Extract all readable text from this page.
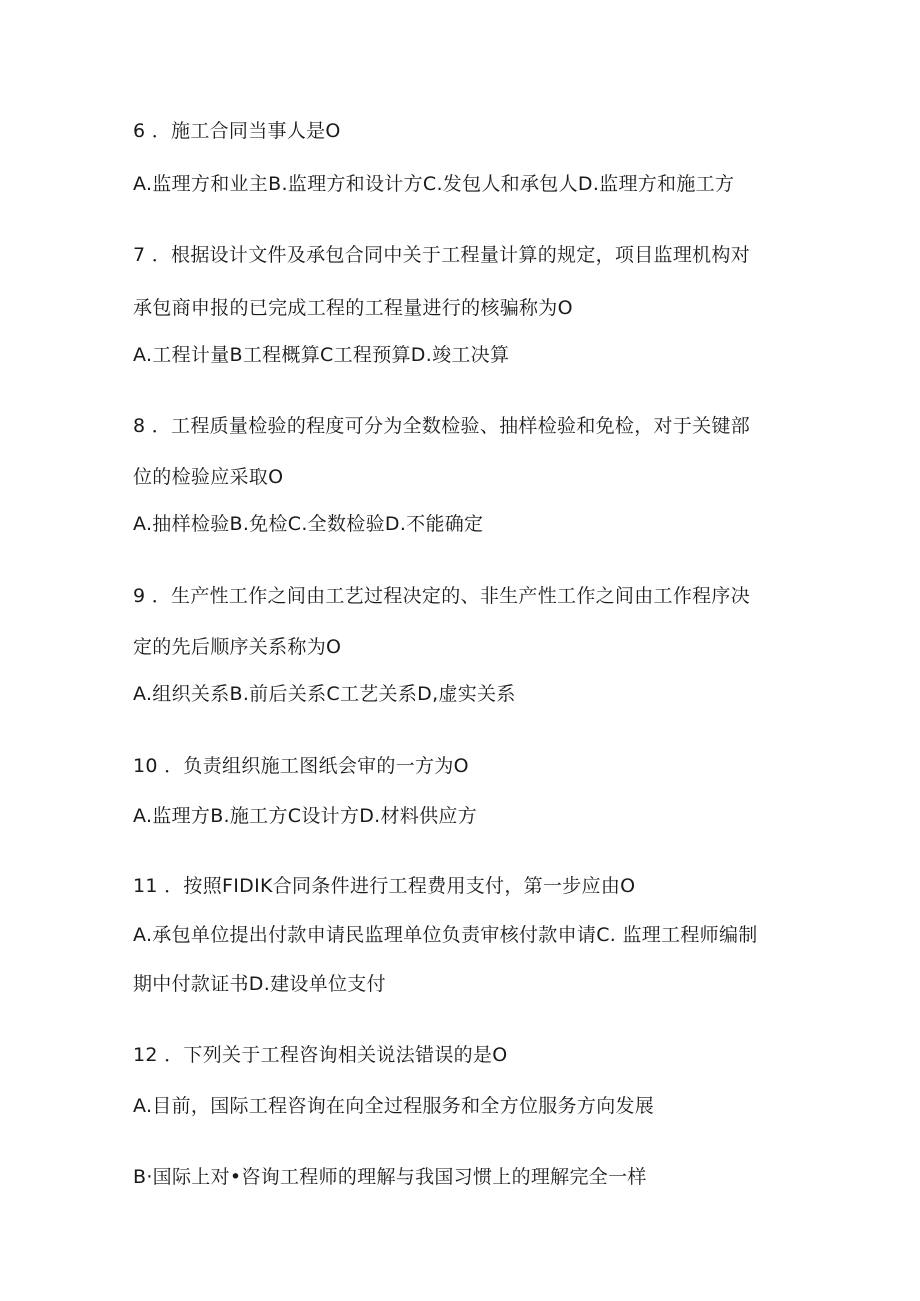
6 ．施工合同当事人是O
A.监理方和业主B.监理方和设计方C.发包人和承包人D.监理方和施工方
7 ．根据设计文件及承包合同中关于工程量计算的规定，项目监理机构对
承包商申报的已完成工程的工程量进行的核骗称为O
A.工程计量B工程概算C工程预算D.竣工决算
8 ．工程质量检验的程度可分为全数检验、抽样检验和免检，对于关键部
位的检验应采取O
A.抽样检验B.免检C.全数检验D.不能确定
9 ．生产性工作之间由工艺过程决定的、非生产性工作之间由工作程序决
定的先后顺序关系称为O
A.组织关系B.前后关系C工艺关系D,虚实关系
10 ．负责组织施工图纸会审的一方为O
A.监理方B.施工方C设计方D.材料供应方
11 ．按照FIDIK合同条件进行工程费用支付，第一步应由O
A.承包单位提出付款申请民监理单位负责审核付款申请C. 监理工程师编制
期中付款证书D.建设单位支付
12 ．下列关于工程咨询相关说法错误的是O
A.目前，国际工程咨询在向全过程服务和全方位服务方向发展
B·国际上对•咨询工程师的理解与我国习惯上的理解完全一样
